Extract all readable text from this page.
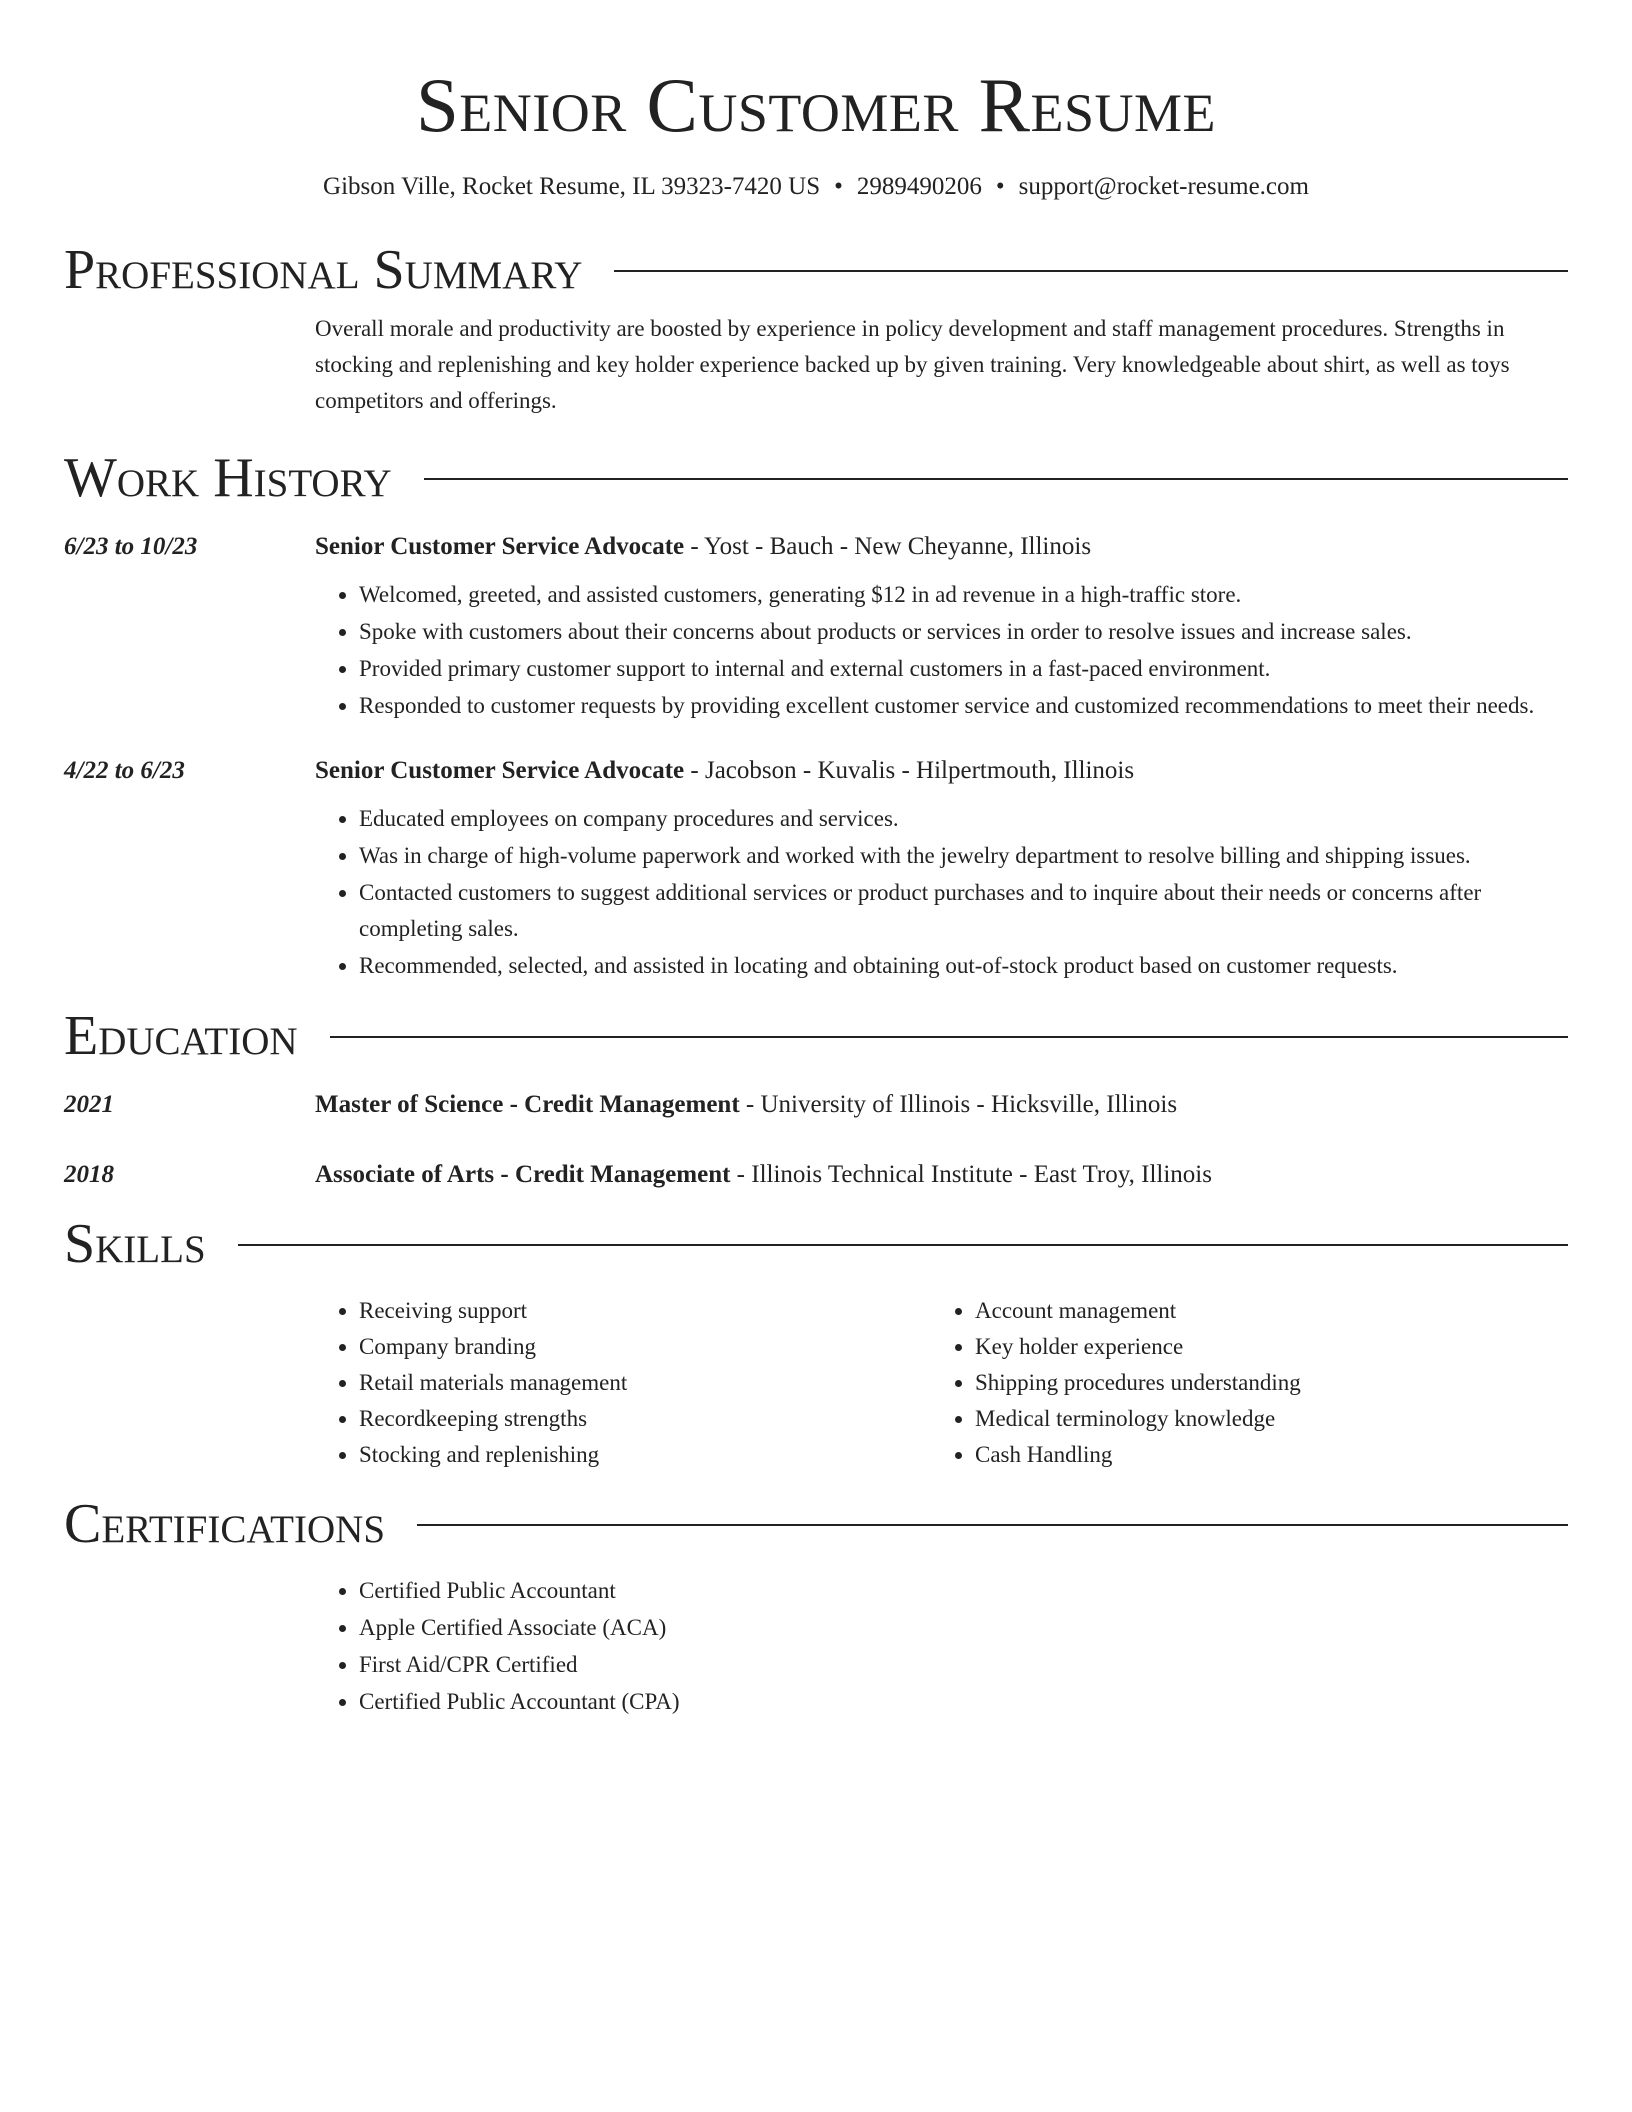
Senior Customer Resume
Gibson Ville, Rocket Resume, IL 39323-7420 US • 2989490206 • support@rocket-resume.com
Professional Summary

Overall morale and productivity are boosted by experience in policy development and staff management procedures. Strengths in stocking and replenishing and key holder experience backed up by given training. Very knowledgeable about shirt, as well as toys competitors and offerings.

Work History
6/23 to 10/23	Senior Customer Service Advocate - Yost - Bauch - New Cheyanne, Illinois
• Welcomed, greeted, and assisted customers, generating $12 in ad revenue in a high-traffic store.
• Spoke with customers about their concerns about products or services in order to resolve issues and increase sales.
• Provided primary customer support to internal and external customers in a fast-paced environment.
• Responded to customer requests by providing excellent customer service and customized recommendations to meet their needs.
4/22 to 6/23	Senior Customer Service Advocate - Jacobson - Kuvalis - Hilpertmouth, Illinois
• Educated employees on company procedures and services.
• Was in charge of high-volume paperwork and worked with the jewelry department to resolve billing and shipping issues.
• Contacted customers to suggest additional services or product purchases and to inquire about their needs or concerns after completing sales.
• Recommended, selected, and assisted in locating and obtaining out-of-stock product based on customer requests.
Education
2021	Master of Science - Credit Management - University of Illinois - Hicksville, Illinois
2018	Associate of Arts - Credit Management - Illinois Technical Institute - East Troy, Illinois
Skills
• Receiving support
• Company branding
• Retail materials management
• Recordkeeping strengths
• Stocking and replenishing
• Account management
• Key holder experience
• Shipping procedures understanding
• Medical terminology knowledge
• Cash Handling
Certifications
• Certified Public Accountant
• Apple Certified Associate (ACA)
• First Aid/CPR Certified
• Certified Public Accountant (CPA)
